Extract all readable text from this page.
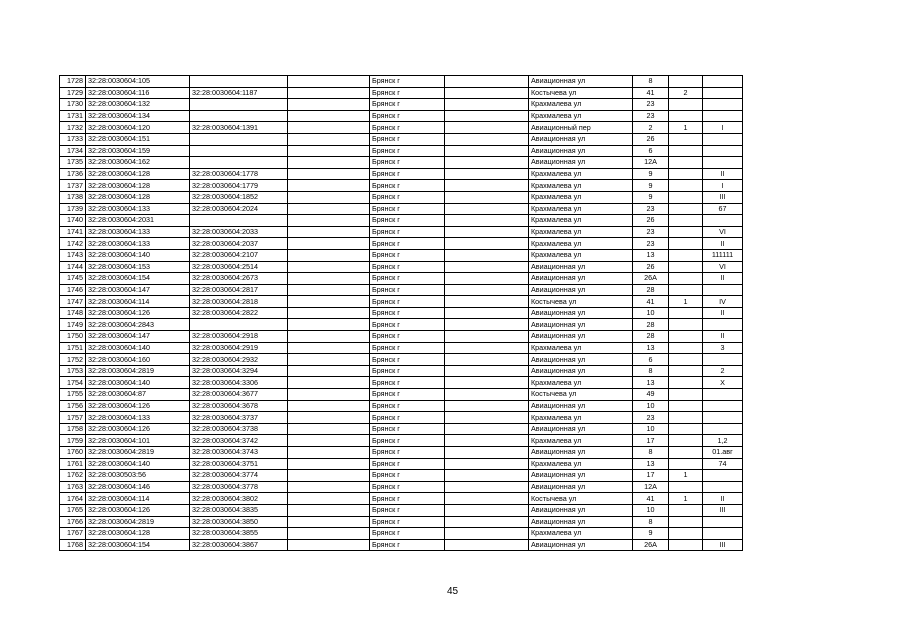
1728	32:28:0030604:105			Брянск г		Авиационная ул	8		
1729	32:28:0030604:116	32:28:0030604:1187		Брянск г		Костычева ул	41	2	
1730	32:28:0030604:132			Брянск г		Крахмалева ул	23		
1731	32:28:0030604:134			Брянск г		Крахмалева ул	23		
1732	32:28:0030604:120	32:28:0030604:1391		Брянск г		Авиационный пер	2	1	I
1733	32:28:0030604:151			Брянск г		Авиационная ул	26		
1734	32:28:0030604:159			Брянск г		Авиационная ул	6		
1735	32:28:0030604:162			Брянск г		Авиационная ул	12А		
1736	32:28:0030604:128	32:28:0030604:1778		Брянск г		Крахмалева ул	9		II
1737	32:28:0030604:128	32:28:0030604:1779		Брянск г		Крахмалева ул	9		I
1738	32:28:0030604:128	32:28:0030604:1852		Брянск г		Крахмалева ул	9		III
1739	32:28:0030604:133	32:28:0030604:2024		Брянск г		Крахмалева ул	23		67
1740	32:28:0030604:2031			Брянск г		Крахмалева ул	26		
1741	32:28:0030604:133	32:28:0030604:2033		Брянск г		Крахмалева ул	23		VI
1742	32:28:0030604:133	32:28:0030604:2037		Брянск г		Крахмалева ул	23		II
1743	32:28:0030604:140	32:28:0030604:2107		Брянск г		Крахмалева ул	13		111111
1744	32:28:0030604:153	32:28:0030604:2514		Брянск г		Авиационная ул	26		VI
1745	32:28:0030604:154	32:28:0030604:2673		Брянск г		Авиационная ул	26А		II
1746	32:28:0030604:147	32:28:0030604:2817		Брянск г		Авиационная ул	28		
1747	32:28:0030604:114	32:28:0030604:2818		Брянск г		Костычева ул	41	1	IV
1748	32:28:0030604:126	32:28:0030604:2822		Брянск г		Авиационная ул	10		II
1749	32:28:0030604:2843			Брянск г		Авиационная ул	28		
1750	32:28:0030604:147	32:28:0030604:2918		Брянск г		Авиационная ул	28		II
1751	32:28:0030604:140	32:28:0030604:2919		Брянск г		Крахмалева ул	13		3
1752	32:28:0030604:160	32:28:0030604:2932		Брянск г		Авиационная ул	6		
1753	32:28:0030604:2819	32:28:0030604:3294		Брянск г		Авиационная ул	8		2
1754	32:28:0030604:140	32:28:0030604:3306		Брянск г		Крахмалева ул	13		X
1755	32:28:0030604:87	32:28:0030604:3677		Брянск г		Костычева ул	49		
1756	32:28:0030604:126	32:28:0030604:3678		Брянск г		Авиационная ул	10		
1757	32:28:0030604:133	32:28:0030604:3737		Брянск г		Крахмалева ул	23		
1758	32:28:0030604:126	32:28:0030604:3738		Брянск г		Авиационная ул	10		
1759	32:28:0030604:101	32:28:0030604:3742		Брянск г		Крахмалева ул	17		1,2
1760	32:28:0030604:2819	32:28:0030604:3743		Брянск г		Авиационная ул	8		01.авг
1761	32:28:0030604:140	32:28:0030604:3751		Брянск г		Крахмалева ул	13		74
1762	32:28:0030503:56	32:28:0030604:3774		Брянск г		Авиационная ул	17	1	
1763	32:28:0030604:146	32:28:0030604:3778		Брянск г		Авиационная ул	12А		
1764	32:28:0030604:114	32:28:0030604:3802		Брянск г		Костычева ул	41	1	II
1765	32:28:0030604:126	32:28:0030604:3835		Брянск г		Авиационная ул	10		III
1766	32:28:0030604:2819	32:28:0030604:3850		Брянск г		Авиационная ул	8		
1767	32:28:0030604:128	32:28:0030604:3855		Брянск г		Крахмалева ул	9		
1768	32:28:0030604:154	32:28:0030604:3867		Брянск г		Авиационная ул	26А		III
45
